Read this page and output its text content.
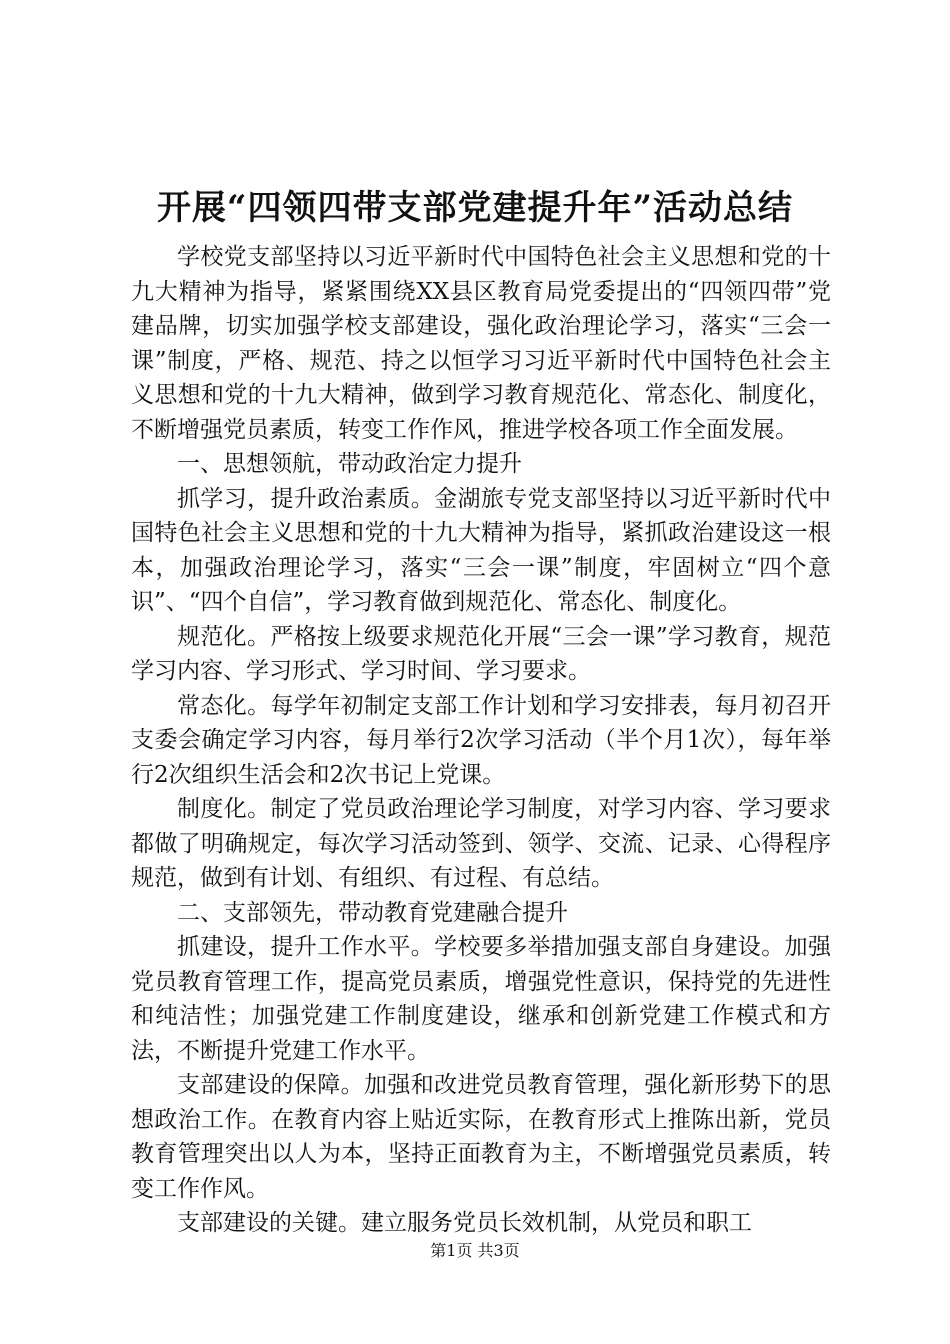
开展“四领四带支部党建提升年”活动总结

学校党支部坚持以习近平新时代中国特色社会主义思想和党的十九大精神为指导，紧紧围绕XX县区教育局党委提出的“四领四带”党建品牌，切实加强学校支部建设，强化政治理论学习，落实“三会一课”制度，严格、规范、持之以恒学习习近平新时代中国特色社会主义思想和党的十九大精神，做到学习教育规范化、常态化、制度化，不断增强党员素质，转变工作作风，推进学校各项工作全面发展。

一、思想领航，带动政治定力提升

抓学习，提升政治素质。金湖旅专党支部坚持以习近平新时代中国特色社会主义思想和党的十九大精神为指导，紧抓政治建设这一根本，加强政治理论学习，落实“三会一课”制度，牢固树立“四个意识”、“四个自信”，学习教育做到规范化、常态化、制度化。

规范化。严格按上级要求规范化开展“三会一课”学习教育，规范学习内容、学习形式、学习时间、学习要求。

常态化。每学年初制定支部工作计划和学习安排表，每月初召开支委会确定学习内容，每月举行2次学习活动（半个月1次），每年举行2次组织生活会和2次书记上党课。

制度化。制定了党员政治理论学习制度，对学习内容、学习要求都做了明确规定，每次学习活动签到、领学、交流、记录、心得程序规范，做到有计划、有组织、有过程、有总结。

二、支部领先，带动教育党建融合提升

抓建设，提升工作水平。学校要多举措加强支部自身建设。加强党员教育管理工作，提高党员素质，增强党性意识，保持党的先进性和纯洁性；加强党建工作制度建设，继承和创新党建工作模式和方法，不断提升党建工作水平。

支部建设的保障。加强和改进党员教育管理，强化新形势下的思想政治工作。在教育内容上贴近实际，在教育形式上推陈出新，党员教育管理突出以人为本，坚持正面教育为主，不断增强党员素质，转变工作作风。

支部建设的关键。建立服务党员长效机制，从党员和职工

第1页 共3页
